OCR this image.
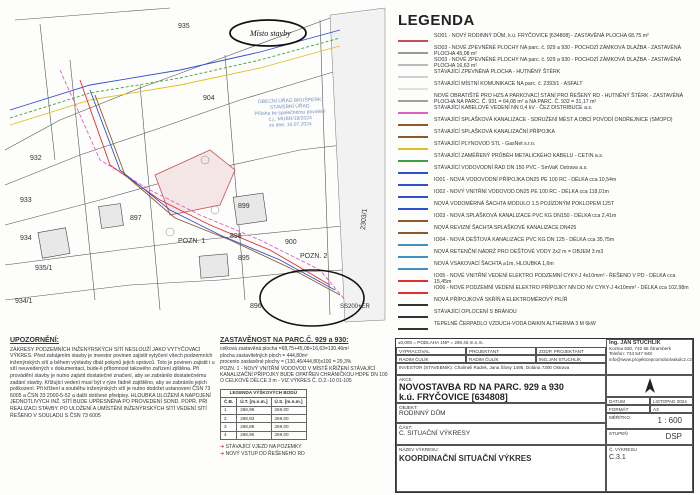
935
904
932
933
934
895
896
897
899
900
898
935/1
934/1
POZN. 1
POZN. 2
2303/1
SS200+ER
Místo stavby
OBECNÍ ÚŘAD BRUŠPERK
STAVEBNÍ ÚŘAD
Příloha ke společnému povolení
č.j.: MUBR/18/2024
ze dne: 10.07.2024
LEGENDA
SO01 - NOVÝ RODINNÝ DŮM, k.ú. FRYČOVICE [634808] - ZASTAVĚNÁ PLOCHA 68,75 m²
SO03 - NOVÉ ZPEVNĚNÉ PLOCHY NA parc. č. 929 a 930 - POCHOZÍ ZÁMKOVÁ DLAŽBA - ZASTAVĚNÁ PLOCHA 45,08 m²
SO03 - NOVÉ ZPEVNĚNÉ PLOCHY NA parc. č. 929 a 930 - POCHOZÍ ZÁMKOVÁ DLAŽBA - ZASTAVĚNÁ PLOCHA 16,63 m²
STÁVAJÍCÍ ZPEVNĚNÁ PLOCHA - HUTNĚNÝ ŠTĚRK
STÁVAJÍCÍ MÍSTNÍ KOMUNIKACE NA parc. č. 2393/1 - ASFALT
NOVÉ OBRATIŠTĚ PRO HZS A PARKOVACÍ STÁNÍ PRO ŘEŠENÝ RD - HUTNĚNÝ ŠTĚRK - ZASTAVĚNÁ PLOCHA NA PARC. Č. 931 = 64,08 m² a NA PARC. Č. 932 = 31,17 m²
STÁVAJÍCÍ KABELOVÉ VEDENÍ NN 0,4 kV - ČEZ DISTRIBUCE a.s.
STÁVAJÍCÍ SPLAŠKOVÁ KANALIZACE - SDRUŽENÍ MĚST A OBCÍ POVODÍ ONDŘEJNICE (SMOPO)
STÁVAJÍCÍ SPLAŠKOVÁ KANALIZAČNÍ PŘÍPOJKA
STÁVAJÍCÍ PLYNOVOD STL - GasNet s.r.o.
STÁVAJÍCÍ ZAMĚŘENÝ PRŮBĚH METALICKÉHO KABELU - CETIN a.s.
STÁVAJÍCÍ VODOVODNÍ ŘAD DN 150 PVC - SmVaK Ostrava a.s.
IO01 - NOVÁ VODOVODNÍ PŘÍPOJKA DN25 PE 100 RC - DÉLKA cca 10,54m
IO02 - NOVÝ VNITŘNÍ VODOVOD DN25 PE 100 RC - DÉLKA cca 118,01m
NOVÁ VODOMĚRNÁ ŠACHTA MODULO 1.5 POJÍZDNÝM POKLOPEM 125T
IO03 - NOVÁ SPLAŠKOVÁ KANALIZACE PVC KG DN150 - DÉLKA cca 2,41m
NOVÁ REVIZNÍ ŠACHTA SPLAŠKOVÉ KANALIZACE DN425
IO04 - NOVÁ DEŠŤOVÁ KANALIZACE PVC KG DN 125 - DÉLKA cca 35,75m
NOVÁ RETENČNÍ NÁDRŽ PRO DEŠŤOVÉ VODY 2x2 m = OBJEM 3 m3
NOVÁ VSAKOVACÍ ŠACHTA ⌀1m, HLOUBKA 1,6m
IO05 - NOVÉ VNITŘNÍ VEDENÍ ELEKTRO PODZEMNÍ CYKY-J 4x10mm² - ŘEŠENO V PD - DÉLKA cca 15,45m
IO06 - NOVÉ PODZEMNÍ VEDENÍ ELEKTRO PŘÍPOJKY NN DO NV CYKY-J 4x10mm² - DÉLKA cca 102,98m
NOVÁ PŘÍPOJKOVÁ SKŘÍŇ A ELEKTROMĚROVÝ PILÍŘ
STÁVAJÍCÍ OPLOCENÍ S BRÁNOU
TEPELNÉ ČERPADLO VZDUCH-VODA DAIKIN ALTHERMA 3 M 6kW
UPOZORNĚNÍ:

ZÁKRESY PODZEMNÍCH INŽENÝRSKÝCH SÍTÍ NESLOUŽÍ JAKO VYTYČOVACÍ VÝKRES. Před zahájením stavby je investor povinen zajistit vytyčení všech podzemních inženýrských sítí a během výstavby dbát pokynů jejich správců. Toto je povinen zajistit i u sítí neuvedených v dokumentaci, bude-li přítomnost takového zařízení zjištěna. Při provádění stavby je nutno zajistit dostatečné značení, aby se zabránilo dostatečnému zadání stavby. Křižující vedení musí být v rýze řádně zajištěno, aby se zabránilo jejich poškození. Při křížení a souběhu inženýrských sítí je nutno dodržet ustanovení ČSN 73 6005 a ČSN 33 2000-5-52 a další dotčené předpisy. HLOUBKA ULOŽENÍ A NAPOJENÍ JEDNOTLIVÝCH INŽ. SÍTÍ BUDE UPŘESNĚNA PO PROVEDENÍ SOND. POPŘ. PŘI REALIZACI STAVBY. PO ULOŽENÍ A UMÍSTĚNÍ INŽENÝRSKÝCH SÍTÍ VEDENÍ SÍTÍ ŘEŠENO V SOULADU S ČSN 73 6005

ZASTAVĚNOST NA PARC.Č. 929 a 930:

celková zastavěná plocha =68,75+45,08+16,63=130,46m²

plocha zastavitelných ploch = 444,80m²

procento zastavěné plochy = (130,46/444,80)x100 = 29,3%

POZN. 1 - NOVÝ VNITŘNÍ VODOVOD V MÍSTĚ KŘÍŽENÍ STÁVAJÍCÍ KANALIZAČNÍ PŘÍPOJKY BUDE OPATŘEN CHRÁNIČKOU HDPE DN 100 O CELKOVÉ DÉLCE 3 m - VIZ VÝKRES Č. D.2.-10 01-105

LEGENDA VÝŠKOVÝCH BODŮ		
Č.B.	Ú.T. [m.n.m.]	Ú.S. [m.n.m.]
1	268,98	269,00
2	268,93	269,00
3	268,88	269,00
4	268,96	269,00
➜ STÁVAJÍCÍ VJEZD NA POZEMKY
➜ NOVÝ VSTUP DO ŘEŠENÉHO RD
±0,000 = PODLAHA 1NP = 269,45 m.n.m.
VYPRACOVAL	PROJEKTANT	ZODP. PROJEKTANT
RADIM ČULÍK	RADIM ČULÍK	ING.JAN STUCHLÍK
Ing. JAN STUCHLÍK
Kozina 530, 742 66 Štramberk
Telefon: 734 547 948
info@www.projektcepcomobolvakolcz.cz
INVESTOR (STAVEBNÍK): Chalmeli Radek, Jana Šlosy 1495, Dolána 7300 Ostrava
AKCE:
NOVOSTAVBA RD NA PARC. 929 a 930
k.ú. FRYČOVICE [634808]
OBJEKT:
RODINNÝ DŮM
ČÁST:
C. SITUAČNÍ VÝKRESY
NÁZEV VÝKRESU:
KOORDINAČNÍ SITUAČNÍ VÝKRES
DATUM	LISTOPAD 2024
FORMÁT	A3
MĚŘÍTKO	1 : 600
STUPEŇ	DSP
Č. VÝKRESU
C.3.1
